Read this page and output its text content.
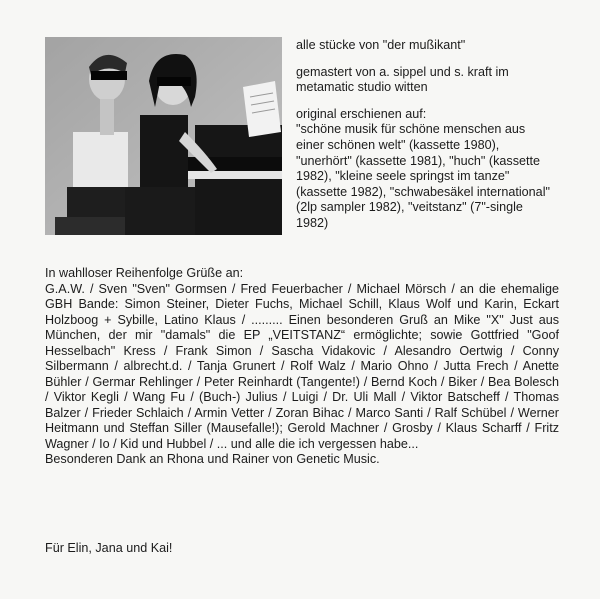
alle stücke von "der mußikant"

gemastert von a. sippel und s. kraft im metamatic studio witten

original erschienen auf:
"schöne musik für schöne menschen aus einer schönen welt" (kassette 1980), "unerhört" (kassette 1981), "huch" (kassette 1982), "kleine seele springst im tanze" (kassette 1982), "schwabesäkel international" (2lp sampler 1982), "veitstanz" (7"-single 1982)

In wahlloser Reihenfolge Grüße an:

G.A.W. / Sven "Sven" Gormsen / Fred Feuerbacher / Michael Mörsch / an die ehemalige GBH Bande: Simon Steiner, Dieter Fuchs, Michael Schill, Klaus Wolf und Karin, Eckart Holzboog + Sybille, Latino Klaus / ......... Einen besonderen Gruß an Mike "X" Just aus München, der mir "damals" die EP „VEITSTANZ“ ermöglichte; sowie Gottfried "Goof Hesselbach" Kress / Frank Simon / Sascha Vidakovic / Alesandro Oertwig / Conny Silbermann / albrecht.d. / Tanja Grunert / Rolf Walz / Mario Ohno / Jutta Frech / Anette Bühler / Germar Rehlinger / Peter Reinhardt (Tangente!) / Bernd Koch / Biker / Bea Bolesch / Viktor Kegli / Wang Fu / (Buch-) Julius / Luigi / Dr. Uli Mall / Viktor Batscheff / Thomas Balzer / Frieder Schlaich / Armin Vetter / Zoran Bihac / Marco Santi / Ralf Schübel / Werner Heitmann und Steffan Siller (Mausefalle!); Gerold Machner / Grosby / Klaus Scharff / Fritz Wagner / Io / Kid und Hubbel / ... und alle die ich vergessen habe...

Besonderen Dank an Rhona und Rainer von Genetic Music.

Für Elin, Jana und Kai!
